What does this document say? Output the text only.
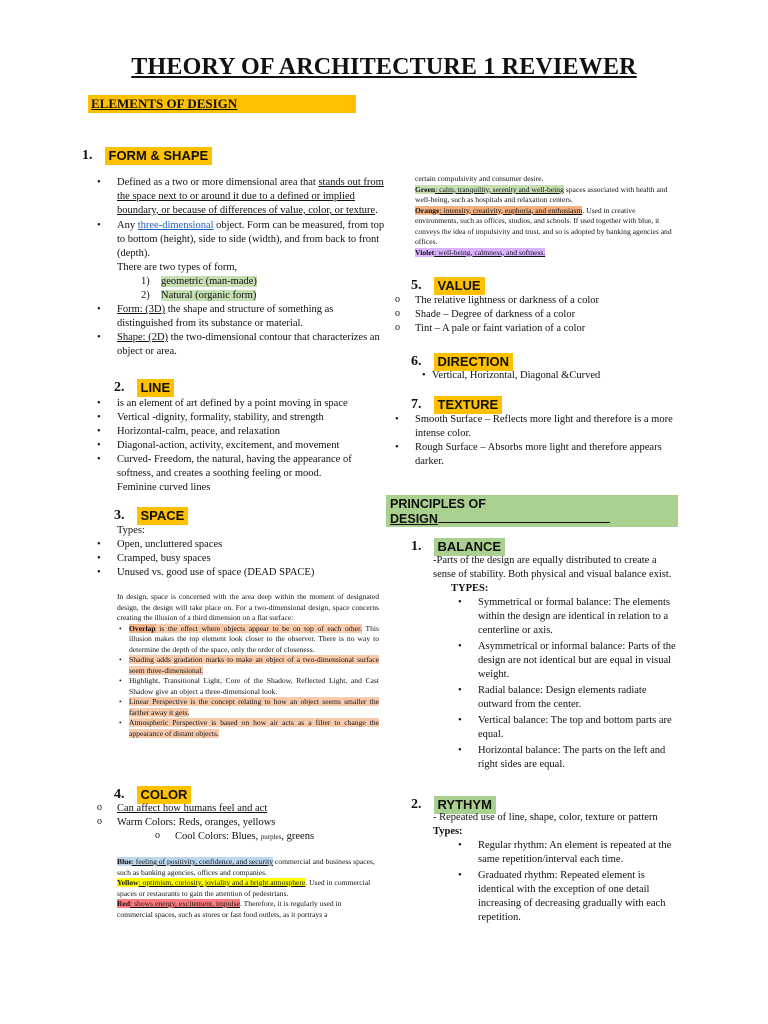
THEORY OF ARCHITECTURE 1 REVIEWER
ELEMENTS OF DESIGN
1.	FORM & SHAPE
• Defined as a two or more dimensional area that stands out from the space next to or around it due to a defined or implied boundary, or because of differences of value, color, or texture.
• Any three-dimensional object. Form can be measured, from top to bottom (height), side to side (width), and from back to front (depth).
There are two types of form,
1) geometric (man-made)
2) Natural (organic form)
• Form: (3D) the shape and structure of something as distinguished from its substance or material.
• Shape: (2D) the two-dimensional contour that characterizes an object or area.
2.	LINE
• is an element of art defined by a point moving in space
• Vertical -dignity, formality, stability, and strength
• Horizontal-calm, peace, and relaxation
• Diagonal-action, activity, excitement, and movement
• Curved- Freedom, the natural, having the appearance of softness, and creates a soothing feeling or mood.
Feminine curved lines
3.	SPACE
Types:
• Open, uncluttered spaces
• Cramped, busy spaces
• Unused vs. good use of space (DEAD SPACE)
In design, space is concerned with the area deep within the moment of designated design, the design will take place on. For a two-dimensional design, space concerns creating the illusion of a third dimension on a flat surface:
• Overlap is the effect where objects appear to be on top of each other. This illusion makes the top element look closer to the observer. There is no way to determine the depth of the space, only the order of closeness.
• Shading adds gradation marks to make an object of a two-dimensional surface seem three-dimensional.
• Highlight, Transitional Light, Core of the Shadow, Reflected Light, and Cast Shadow give an object a three-dimensional look.
• Linear Perspective is the concept relating to how an object seems smaller the farther away it gets.
• Atmospheric Perspective is based on how air acts as a filter to change the appearance of distant objects.
4.	COLOR
o Can affect how humans feel and act
o Warm Colors: Reds, oranges, yellows
o Cool Colors: Blues, purples, greens
Blue: feeling of positivity, confidence, and security commercial and business spaces, such as banking agencies, offices and companies.
Yellow: optimism, curiosity, joviality and a bright atmosphere. Used in commercial spaces or restaurants to gain the attention of pedestrians.
Red: shows energy, excitement, impulse. Therefore, it is regularly used in commercial spaces, such as stores or fast food outlets, as it portrays a
certain compulsivity and consumer desire.
Green: calm, tranquility, serenity and well-being spaces associated with health and well-being, such as hospitals and relaxation centers.
Orange: intensity, creativity, euphoria, and enthusiasm. Used in creative environments, such as offices, studios, and schools. If used together with blue, it conveys the idea of impulsivity and trust, and so is adopted by banking agencies and offices.
Violet: well-being, calmness, and softness.
5.	VALUE
o The relative lightness or darkness of a color
o Shade – Degree of darkness of a color
o Tint – A pale or faint variation of a color
6.	DIRECTION
• Vertical, Horizontal, Diagonal &Curved
7.	TEXTURE
• Smooth Surface – Reflects more light and therefore is a more intense color.
• Rough Surface – Absorbs more light and therefore appears darker.
PRINCIPLES OF
DESIGN
1.	BALANCE
-Parts of the design are equally distributed to create a sense of stability. Both physical and visual balance exist.
TYPES:
• Symmetrical or formal balance: The elements within the design are identical in relation to a centerline or axis.
• Asymmetrical or informal balance: Parts of the design are not identical but are equal in visual weight.
• Radial balance: Design elements radiate outward from the center.
• Vertical balance: The top and bottom parts are equal.
• Horizontal balance: The parts on the left and right sides are equal.
2.	RYTHYM
- Repeated use of line, shape, color, texture or pattern
Types:
• Regular rhythm: An element is repeated at the same repetition/interval each time.
• Graduated rhythm: Repeated element is identical with the exception of one detail increasing of decreasing gradually with each repetition.
